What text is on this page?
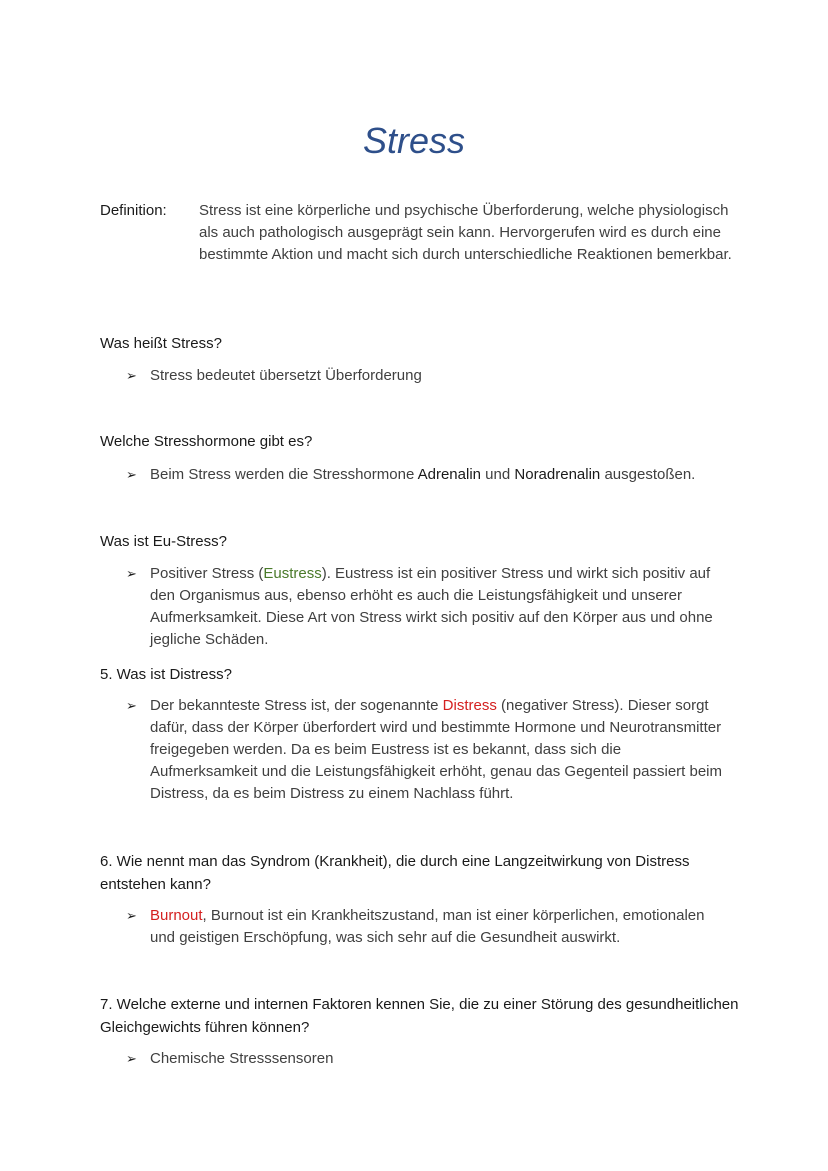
Stress
Definition: Stress ist eine körperliche und psychische Überforderung, welche physiologisch als auch pathologisch ausgeprägt sein kann. Hervorgerufen wird es durch eine bestimmte Aktion und macht sich durch unterschiedliche Reaktionen bemerkbar.
Was heißt Stress?
➢ Stress bedeutet übersetzt Überforderung
Welche Stresshormone gibt es?
➢ Beim Stress werden die Stresshormone Adrenalin und Noradrenalin ausgestoßen.
Was ist Eu-Stress?
➢ Positiver Stress (Eustress). Eustress ist ein positiver Stress und wirkt sich positiv auf den Organismus aus, ebenso erhöht es auch die Leistungsfähigkeit und unserer Aufmerksamkeit. Diese Art von Stress wirkt sich positiv auf den Körper aus und ohne jegliche Schäden.
5. Was ist Distress?
➢ Der bekannteste Stress ist, der sogenannte Distress (negativer Stress). Dieser sorgt dafür, dass der Körper überfordert wird und bestimmte Hormone und Neurotransmitter freigegeben werden. Da es beim Eustress ist es bekannt, dass sich die Aufmerksamkeit und die Leistungsfähigkeit erhöht, genau das Gegenteil passiert beim Distress, da es beim Distress zu einem Nachlass führt.
6. Wie nennt man das Syndrom (Krankheit), die durch eine Langzeitwirkung von Distress entstehen kann?
➢ Burnout, Burnout ist ein Krankheitszustand, man ist einer körperlichen, emotionalen und geistigen Erschöpfung, was sich sehr auf die Gesundheit auswirkt.
7. Welche externe und internen Faktoren kennen Sie, die zu einer Störung des gesundheitlichen Gleichgewichts führen können?
➢ Chemische Stresssensoren
